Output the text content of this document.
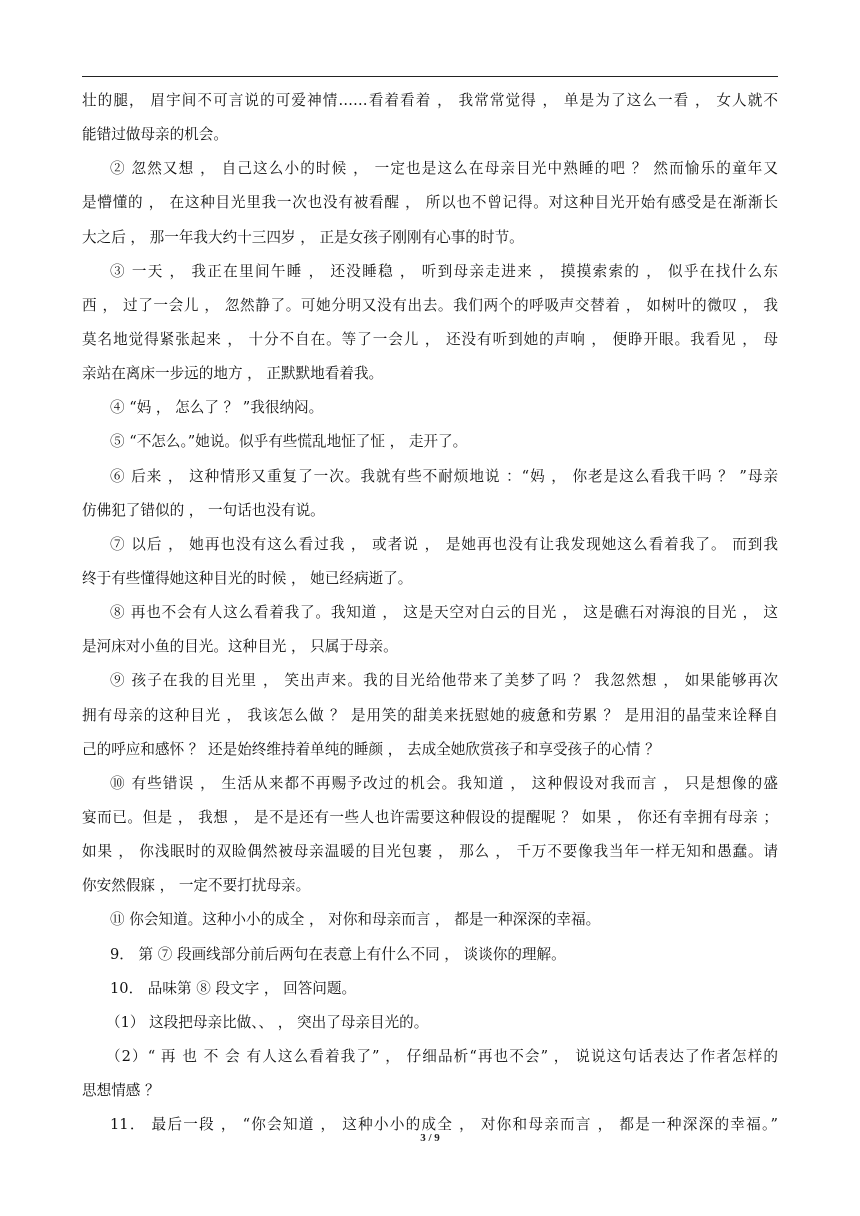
壮的腿， 眉宇间不可言说的可爱神情……看着看着 ， 我常常觉得 ， 单是为了这么一看 ， 女人就不
能错过做母亲的机会。
② 忽然又想 ， 自己这么小的时候 ， 一定也是这么在母亲目光中熟睡的吧 ？ 然而愉乐的童年又
是懵懂的 ， 在这种目光里我一次也没有被看醒 ， 所以也不曾记得。对这种目光开始有感受是在渐渐长
大之后 ， 那一年我大约十三四岁 ， 正是女孩子刚刚有心事的时节。
③ 一天 ， 我正在里间午睡 ， 还没睡稳 ， 听到母亲走进来 ， 摸摸索索的 ， 似乎在找什么东
西 ， 过了一会儿 ， 忽然静了。可她分明又没有出去。我们两个的呼吸声交替着 ， 如树叶的微叹 ， 我
莫名地觉得紧张起来 ， 十分不自在。等了一会儿 ， 还没有听到她的声响 ， 便睁开眼。我看见 ， 母
亲站在离床一步远的地方 ， 正默默地看着我。
④ “妈 ， 怎么了 ？ ”我很纳闷。
⑤ “不怎么。”她说。似乎有些慌乱地怔了怔 ， 走开了。
⑥ 后来 ， 这种情形又重复了一次。我就有些不耐烦地说 ：“妈 ， 你老是这么看我干吗 ？ ”母亲
仿佛犯了错似的 ， 一句话也没有说。
⑦ 以后 ， 她再也没有这么看过我 ， 或者说 ， 是她再也没有让我发现她这么看着我了。 而到我
终于有些懂得她这种目光的时候 ， 她已经病逝了。
⑧ 再也不会有人这么看着我了。我知道 ， 这是天空对白云的目光 ， 这是礁石对海浪的目光 ， 这
是河床对小鱼的目光。这种目光 ， 只属于母亲。
⑨ 孩子在我的目光里 ， 笑出声来。我的目光给他带来了美梦了吗 ？ 我忽然想 ， 如果能够再次
拥有母亲的这种目光 ， 我该怎么做 ？ 是用笑的甜美来抚慰她的疲惫和劳累 ？ 是用泪的晶莹来诠释自
己的呼应和感怀 ？ 还是始终维持着单纯的睡颜 ， 去成全她欣赏孩子和享受孩子的心情 ？
⑩ 有些错误 ， 生活从来都不再赐予改过的机会。我知道 ， 这种假设对我而言 ， 只是想像的盛
宴而已。但是 ， 我想 ， 是不是还有一些人也许需要这种假设的提醒呢 ？ 如果 ， 你还有幸拥有母亲 ；
如果 ， 你浅眠时的双睑偶然被母亲温暖的目光包裹 ， 那么 ， 千万不要像我当年一样无知和愚蠢。请
你安然假寐 ， 一定不要打扰母亲。
⑪ 你会知道。这种小小的成全 ， 对你和母亲而言 ， 都是一种深深的幸福。
9． 第 ⑦ 段画线部分前后两句在表意上有什么不同 ， 谈谈你的理解。
10． 品味第 ⑧ 段文字 ， 回答问题。
（1） 这段把母亲比做、、 ， 突出了母亲目光的。
（2）“ 再 也 不 会 有人这么看着我了” ， 仔细品析“再也不会” ， 说说这句话表达了作者怎样的
思想情感 ？
11． 最后一段 ， “你会知道 ， 这种小小的成全 ， 对你和母亲而言 ， 都是一种深深的幸福。”
3 / 9
